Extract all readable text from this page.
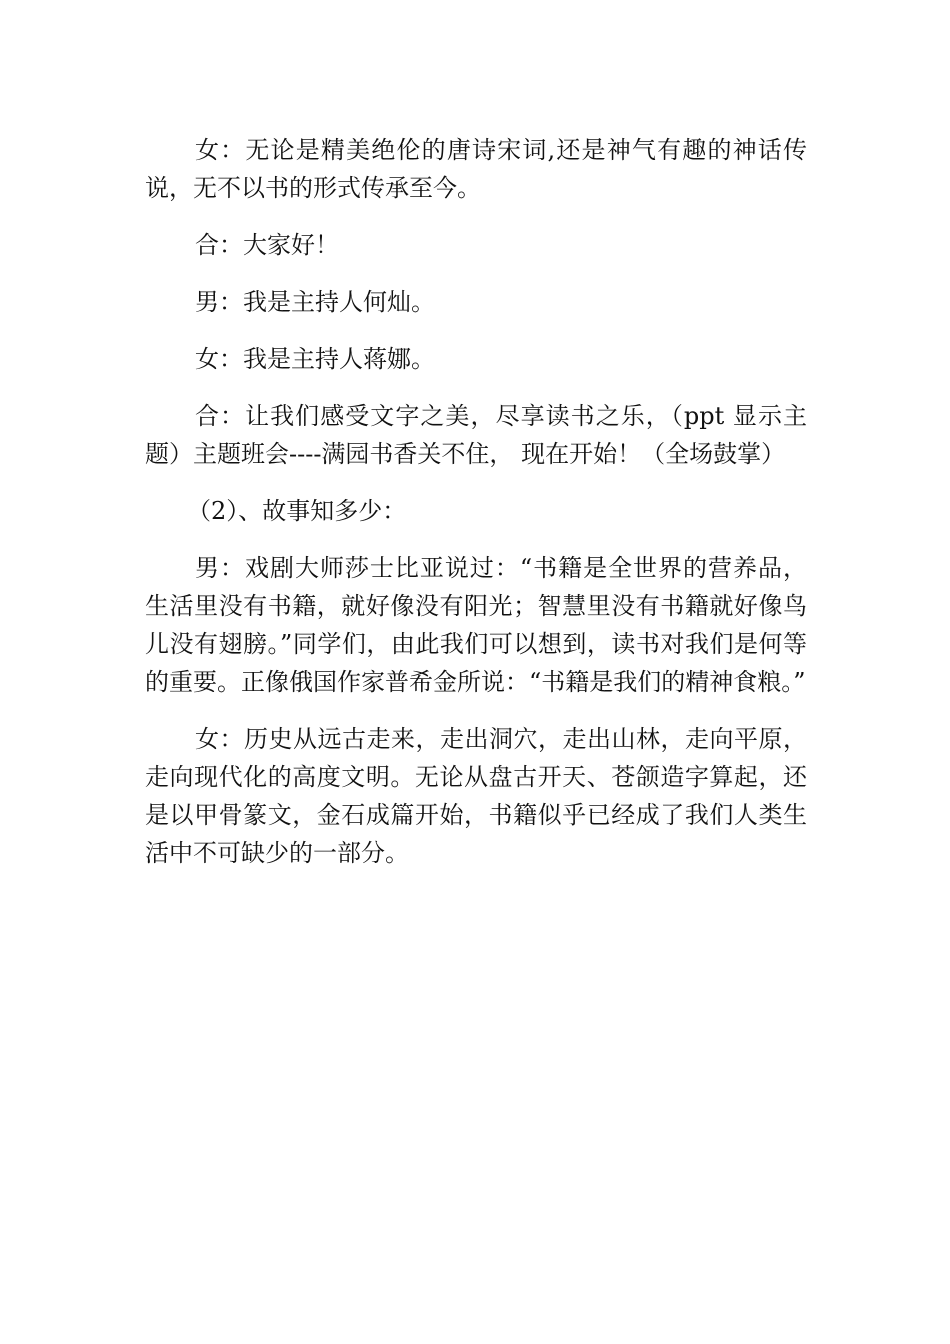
女：无论是精美绝伦的唐诗宋词,还是神气有趣的神话传说，无不以书的形式传承至今。

合：大家好！

男：我是主持人何灿。

女：我是主持人蒋娜。

合：让我们感受文字之美，尽享读书之乐，（ppt 显示主题）主题班会----满园书香关不住， 现在开始！（全场鼓掌）

（2）、故事知多少：

男：戏剧大师莎士比亚说过：“书籍是全世界的营养品，生活里没有书籍，就好像没有阳光；智慧里没有书籍就好像鸟儿没有翅膀。”同学们，由此我们可以想到，读书对我们是何等的重要。正像俄国作家普希金所说：“书籍是我们的精神食粮。”

女：历史从远古走来，走出洞穴，走出山林，走向平原，走向现代化的高度文明。无论从盘古开天、苍颌造字算起，还是以甲骨篆文，金石成篇开始，书籍似乎已经成了我们人类生活中不可缺少的一部分。
